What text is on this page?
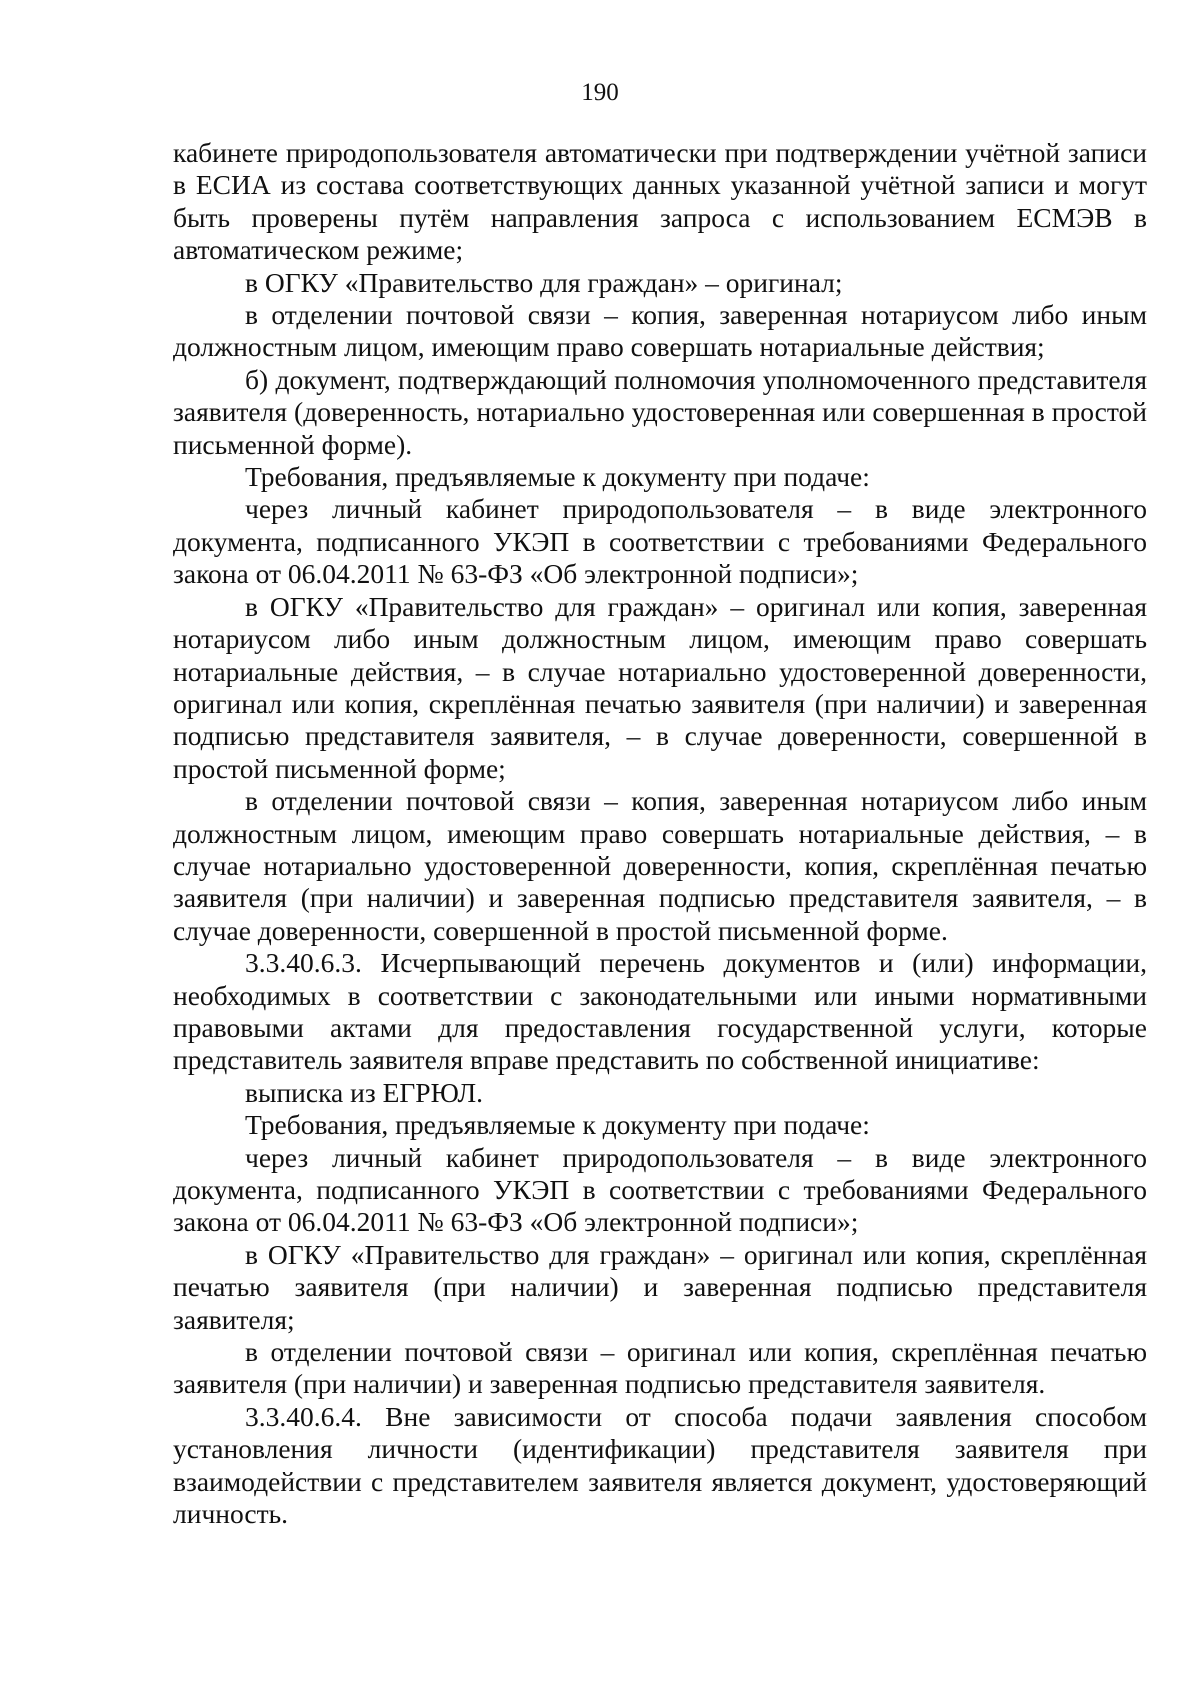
190

кабинете природопользователя автоматически при подтверждении учётной записи в ЕСИА из состава соответствующих данных указанной учётной записи и могут быть проверены путём направления запроса с использованием ЕСМЭВ в автоматическом режиме;

в ОГКУ «Правительство для граждан» – оригинал;

в отделении почтовой связи – копия, заверенная нотариусом либо иным должностным лицом, имеющим право совершать нотариальные действия;

б) документ, подтверждающий полномочия уполномоченного представителя заявителя (доверенность, нотариально удостоверенная или совершенная в простой письменной форме).

Требования, предъявляемые к документу при подаче:

через личный кабинет природопользователя – в виде электронного документа, подписанного УКЭП в соответствии с требованиями Федерального закона от 06.04.2011 № 63-ФЗ «Об электронной подписи»;

в ОГКУ «Правительство для граждан» – оригинал или копия, заверенная нотариусом либо иным должностным лицом, имеющим право совершать нотариальные действия, – в случае нотариально удостоверенной доверенности, оригинал или копия, скреплённая печатью заявителя (при наличии) и заверенная подписью представителя заявителя, – в случае доверенности, совершенной в простой письменной форме;

в отделении почтовой связи – копия, заверенная нотариусом либо иным должностным лицом, имеющим право совершать нотариальные действия, – в случае нотариально удостоверенной доверенности, копия, скреплённая печатью заявителя (при наличии) и заверенная подписью представителя заявителя, – в случае доверенности, совершенной в простой письменной форме.

3.3.40.6.3. Исчерпывающий перечень документов и (или) информации, необходимых в соответствии с законодательными или иными нормативными правовыми актами для предоставления государственной услуги, которые представитель заявителя вправе представить по собственной инициативе:

выписка из ЕГРЮЛ.

Требования, предъявляемые к документу при подаче:

через личный кабинет природопользователя – в виде электронного документа, подписанного УКЭП в соответствии с требованиями Федерального закона от 06.04.2011 № 63-ФЗ «Об электронной подписи»;

в ОГКУ «Правительство для граждан» – оригинал или копия, скреплённая печатью заявителя (при наличии) и заверенная подписью представителя заявителя;

в отделении почтовой связи – оригинал или копия, скреплённая печатью заявителя (при наличии) и заверенная подписью представителя заявителя.

3.3.40.6.4. Вне зависимости от способа подачи заявления способом установления личности (идентификации) представителя заявителя при взаимодействии с представителем заявителя является документ, удостоверяющий личность.
